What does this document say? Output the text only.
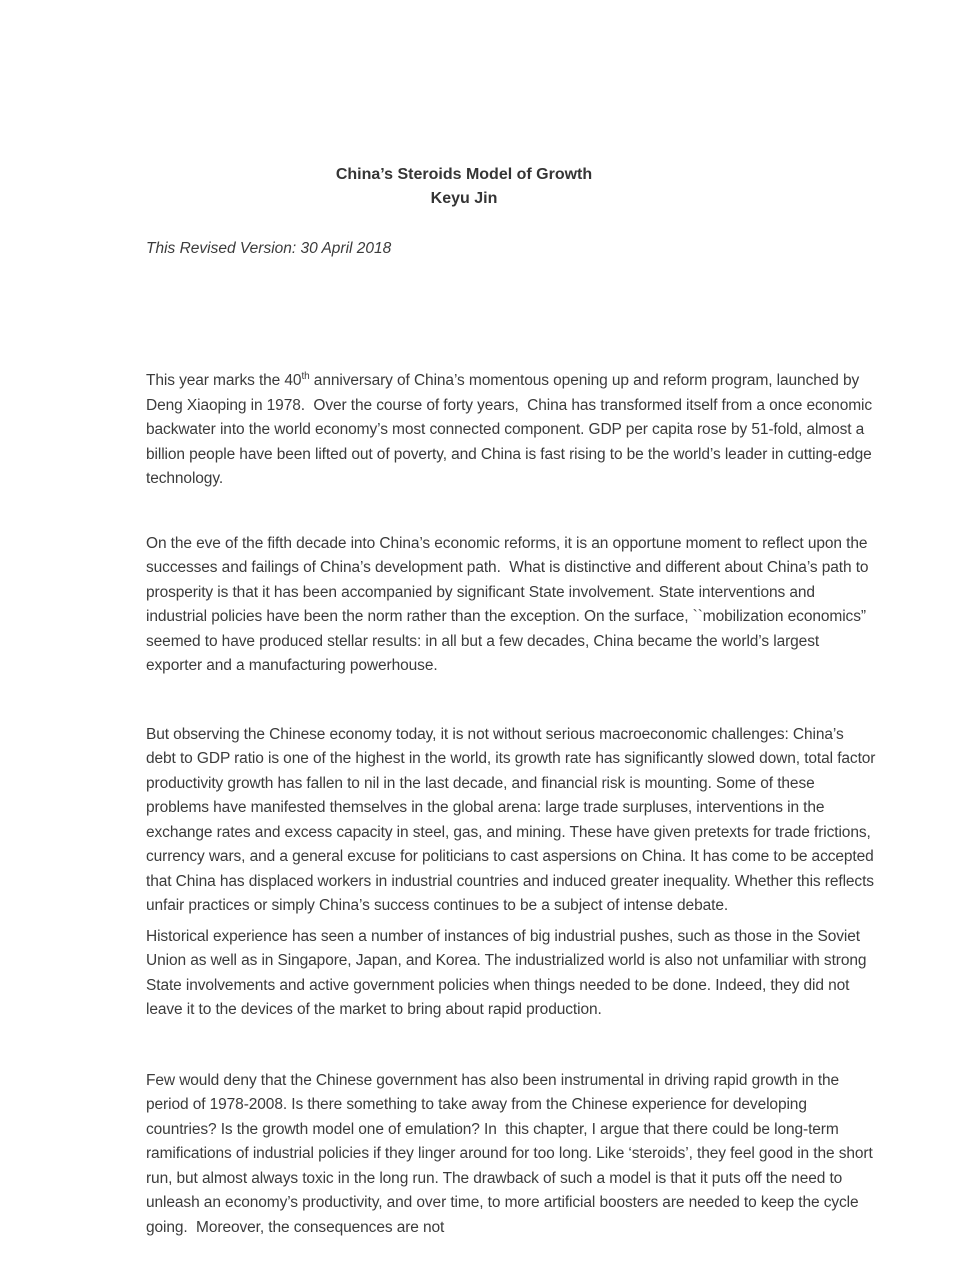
China’s Steroids Model of Growth
Keyu Jin
This Revised Version: 30 April 2018

This year marks the 40th anniversary of China’s momentous opening up and reform program, launched by Deng Xiaoping in 1978.  Over the course of forty years,  China has transformed itself from a once economic backwater into the world economy’s most connected component. GDP per capita rose by 51-fold, almost a billion people have been lifted out of poverty, and China is fast rising to be the world’s leader in cutting-edge technology.

On the eve of the fifth decade into China’s economic reforms, it is an opportune moment to reflect upon the successes and failings of China’s development path.  What is distinctive and different about China’s path to prosperity is that it has been accompanied by significant State involvement. State interventions and industrial policies have been the norm rather than the exception. On the surface, ``mobilization economics” seemed to have produced stellar results: in all but a few decades, China became the world’s largest exporter and a manufacturing powerhouse.

But observing the Chinese economy today, it is not without serious macroeconomic challenges: China’s debt to GDP ratio is one of the highest in the world, its growth rate has significantly slowed down, total factor productivity growth has fallen to nil in the last decade, and financial risk is mounting. Some of these problems have manifested themselves in the global arena: large trade surpluses, interventions in the exchange rates and excess capacity in steel, gas, and mining. These have given pretexts for trade frictions, currency wars, and a general excuse for politicians to cast aspersions on China. It has come to be accepted that China has displaced workers in industrial countries and induced greater inequality. Whether this reflects unfair practices or simply China’s success continues to be a subject of intense debate.

Historical experience has seen a number of instances of big industrial pushes, such as those in the Soviet Union as well as in Singapore, Japan, and Korea. The industrialized world is also not unfamiliar with strong State involvements and active government policies when things needed to be done. Indeed, they did not leave it to the devices of the market to bring about rapid production.

Few would deny that the Chinese government has also been instrumental in driving rapid growth in the period of 1978-2008. Is there something to take away from the Chinese experience for developing countries? Is the growth model one of emulation? In  this chapter, I argue that there could be long-term ramifications of industrial policies if they linger around for too long. Like ‘steroids’, they feel good in the short run, but almost always toxic in the long run. The drawback of such a model is that it puts off the need to unleash an economy’s productivity, and over time, to more artificial boosters are needed to keep the cycle going.  Moreover, the consequences are not
